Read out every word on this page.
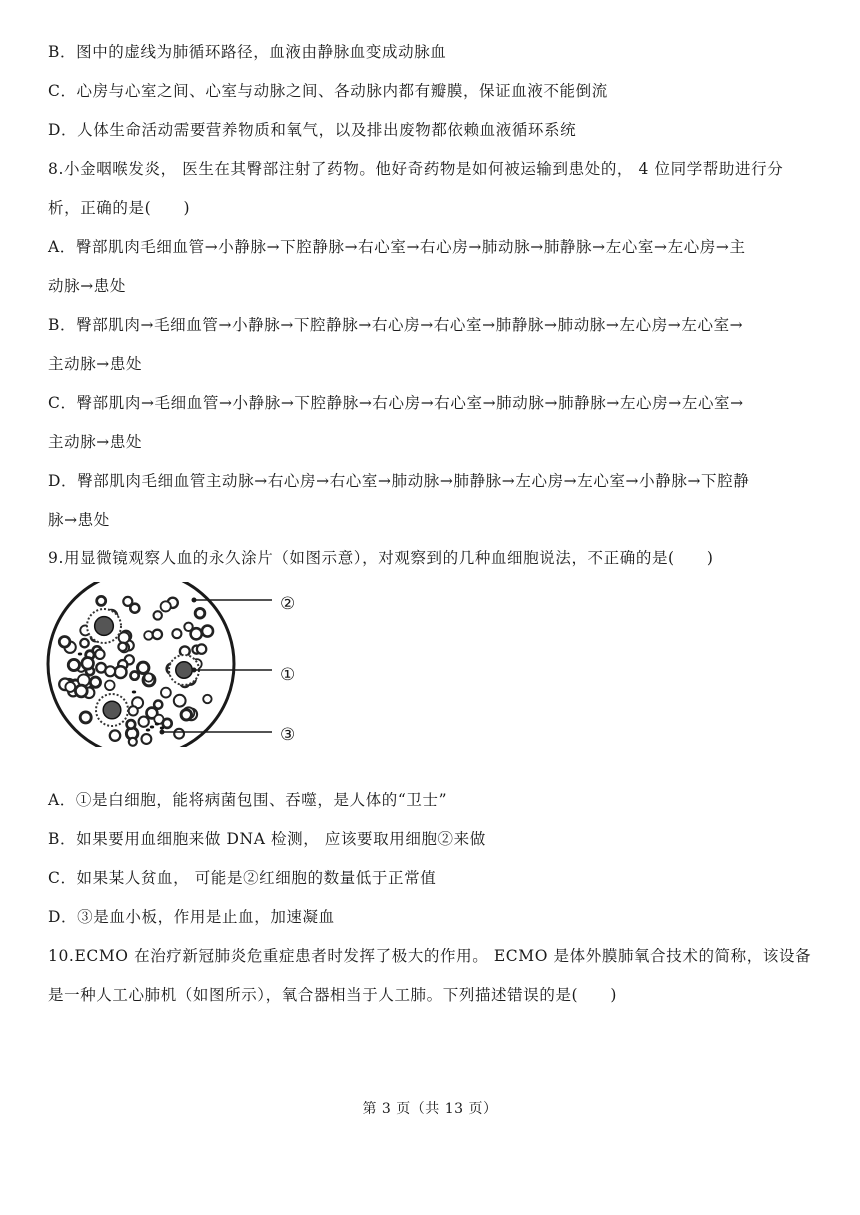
B．图中的虚线为肺循环路径，血液由静脉血变成动脉血
C．心房与心室之间、心室与动脉之间、各动脉内都有瓣膜，保证血液不能倒流
D．人体生命活动需要营养物质和氧气，以及排出废物都依赖血液循环系统
8.小金咽喉发炎， 医生在其臀部注射了药物。他好奇药物是如何被运输到患处的， 4 位同学帮助进行分
析，正确的是(　　)
A．臀部肌肉毛细血管→小静脉→下腔静脉→右心室→右心房→肺动脉→肺静脉→左心室→左心房→主
动脉→患处
B．臀部肌肉→毛细血管→小静脉→下腔静脉→右心房→右心室→肺静脉→肺动脉→左心房→左心室→
主动脉→患处
C．臀部肌肉→毛细血管→小静脉→下腔静脉→右心房→右心室→肺动脉→肺静脉→左心房→左心室→
主动脉→患处
D．臀部肌肉毛细血管主动脉→右心房→右心室→肺动脉→肺静脉→左心房→左心室→小静脉→下腔静
脉→患处
9.用显微镜观察人血的永久涂片（如图示意），对观察到的几种血细胞说法，不正确的是(　　)
A．①是白细胞，能将病菌包围、吞噬，是人体的“卫士”
B．如果要用血细胞来做 DNA 检测， 应该要取用细胞②来做
C．如果某人贫血， 可能是②红细胞的数量低于正常值
D．③是血小板，作用是止血，加速凝血
10.ECMO 在治疗新冠肺炎危重症患者时发挥了极大的作用。 ECMO 是体外膜肺氧合技术的简称，该设备
是一种人工心肺机（如图所示），氧合器相当于人工肺。下列描述错误的是(　　)
②
①
③
第 3 页（共 13 页）
